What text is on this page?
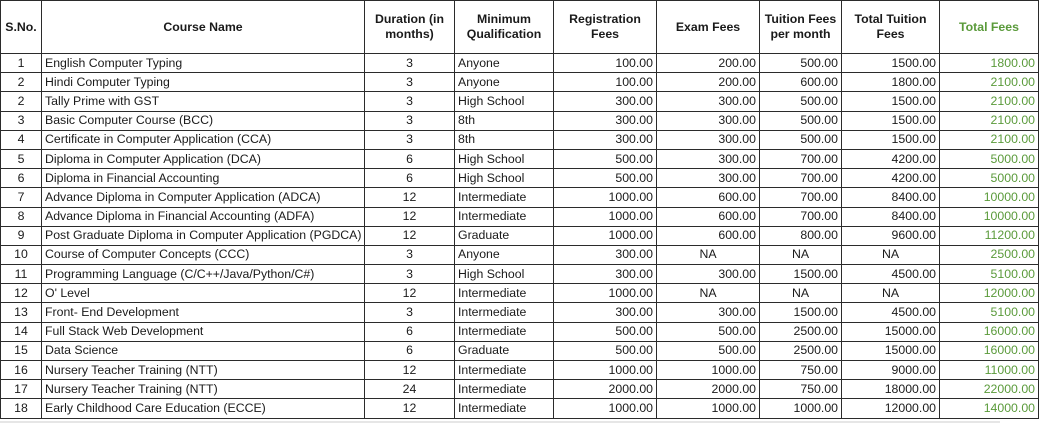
S.No.	Course Name	Duration (in months)	Minimum Qualification	Registration Fees	Exam Fees	Tuition Fees per month	Total Tuition Fees	Total Fees
1	English Computer Typing	3	Anyone	100.00	200.00	500.00	1500.00	1800.00
2	Hindi Computer Typing	3	Anyone	100.00	200.00	600.00	1800.00	2100.00
2	Tally Prime with GST	3	High School	300.00	300.00	500.00	1500.00	2100.00
3	Basic Computer Course (BCC)	3	8th	300.00	300.00	500.00	1500.00	2100.00
4	Certificate in Computer Application (CCA)	3	8th	300.00	300.00	500.00	1500.00	2100.00
5	Diploma in Computer Application (DCA)	6	High School	500.00	300.00	700.00	4200.00	5000.00
6	Diploma in Financial Accounting	6	High School	500.00	300.00	700.00	4200.00	5000.00
7	Advance Diploma in Computer Application (ADCA)	12	Intermediate	1000.00	600.00	700.00	8400.00	10000.00
8	Advance Diploma in Financial Accounting (ADFA)	12	Intermediate	1000.00	600.00	700.00	8400.00	10000.00
9	Post Graduate Diploma in Computer Application (PGDCA)	12	Graduate	1000.00	600.00	800.00	9600.00	11200.00
10	Course of Computer Concepts (CCC)	3	Anyone	300.00	NA	NA	NA	2500.00
11	Programming Language (C/C++/Java/Python/C#)	3	High School	300.00	300.00	1500.00	4500.00	5100.00
12	O' Level	12	Intermediate	1000.00	NA	NA	NA	12000.00
13	Front- End Development	3	Intermediate	300.00	300.00	1500.00	4500.00	5100.00
14	Full Stack Web Development	6	Intermediate	500.00	500.00	2500.00	15000.00	16000.00
15	Data Science	6	Graduate	500.00	500.00	2500.00	15000.00	16000.00
16	Nursery Teacher Training (NTT)	12	Intermediate	1000.00	1000.00	750.00	9000.00	11000.00
17	Nursery Teacher Training (NTT)	24	Intermediate	2000.00	2000.00	750.00	18000.00	22000.00
18	Early Childhood Care Education (ECCE)	12	Intermediate	1000.00	1000.00	1000.00	12000.00	14000.00
